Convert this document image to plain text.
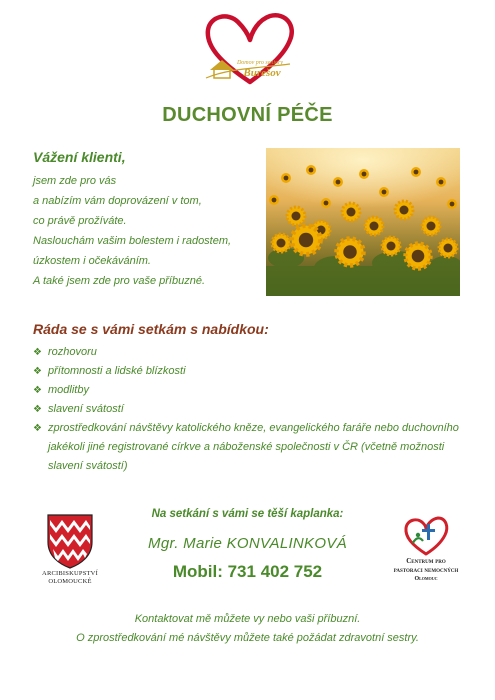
Domov pro seniory
Burešov
DUCHOVNÍ PÉČE
Vážení klienti,
jsem zde pro vás
a nabízím vám doprovázení v tom,
co právě prožíváte.
Naslouchám vašim bolestem i radostem,
úzkostem i očekáváním.
A také jsem zde pro vaše příbuzné.
Ráda se s vámi setkám s nabídkou:
❖ rozhovoru
❖ přítomnosti a lidské blízkosti
❖ modlitby
❖ slavení svátostí
❖ zprostředkování návštěvy katolického kněze, evangelického faráře nebo duchovního jakékoli jiné registrované církve a náboženské společnosti v ČR (včetně možnosti slavení svátostí)
ARCIBISKUPSTVÍ
OLOMOUCKÉ
Na setkání s vámi se těší kaplanka:
Mgr. Marie KONVALINKOVÁ
Mobil: 731 402 752
Centrum pro
pastoraci nemocných
Olomouc
Kontaktovat mě můžete vy nebo vaši příbuzní.
O zprostředkování mé návštěvy můžete také požádat zdravotní sestry.
